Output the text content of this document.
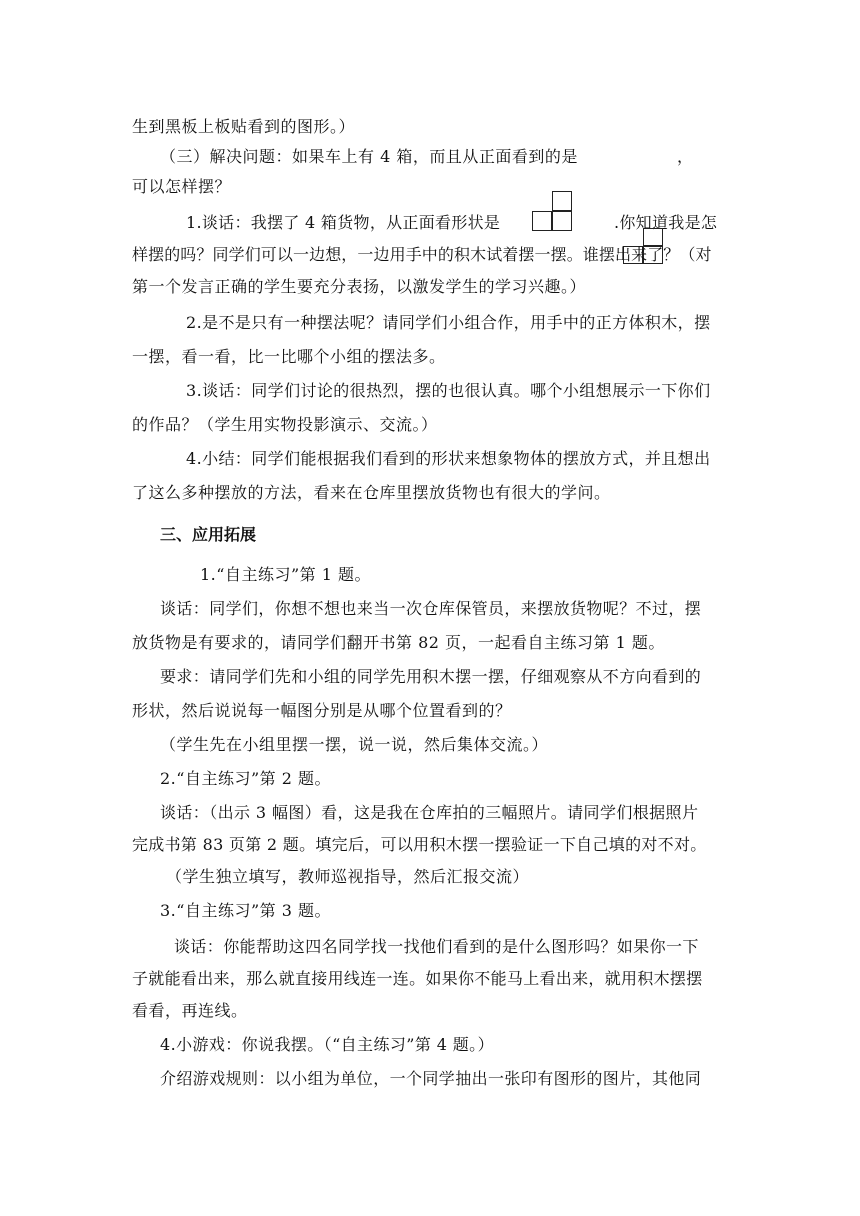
生到黑板上板贴看到的图形。）
（三）解决问题：如果车上有 4 箱，而且从正面看到的是	，
可以怎样摆？
1.谈话：我摆了 4 箱货物，从正面看形状是	.你知道我是怎
样摆的吗？同学们可以一边想，一边用手中的积木试着摆一摆。谁摆出来了？（对
第一个发言正确的学生要充分表扬，以激发学生的学习兴趣。）
2.是不是只有一种摆法呢？请同学们小组合作，用手中的正方体积木，摆
一摆，看一看，比一比哪个小组的摆法多。
3.谈话：同学们讨论的很热烈，摆的也很认真。哪个小组想展示一下你们
的作品？（学生用实物投影演示、交流。）
4.小结：同学们能根据我们看到的形状来想象物体的摆放方式，并且想出
了这么多种摆放的方法，看来在仓库里摆放货物也有很大的学问。
三、应用拓展
1.“自主练习”第 1 题。
谈话：同学们，你想不想也来当一次仓库保管员，来摆放货物呢？不过，摆
放货物是有要求的，请同学们翻开书第 82 页，一起看自主练习第 1 题。
要求：请同学们先和小组的同学先用积木摆一摆，仔细观察从不方向看到的
形状，然后说说每一幅图分别是从哪个位置看到的？
（学生先在小组里摆一摆，说一说，然后集体交流。）
2.“自主练习”第 2 题。
谈话：（出示 3 幅图）看，这是我在仓库拍的三幅照片。请同学们根据照片
完成书第 83 页第 2 题。填完后，可以用积木摆一摆验证一下自己填的对不对。
（学生独立填写，教师巡视指导，然后汇报交流）
3.“自主练习”第 3 题。
谈话：你能帮助这四名同学找一找他们看到的是什么图形吗？如果你一下
子就能看出来，那么就直接用线连一连。如果你不能马上看出来，就用积木摆摆
看看，再连线。
4.小游戏：你说我摆。（“自主练习”第 4 题。）
介绍游戏规则：以小组为单位，一个同学抽出一张印有图形的图片，其他同
